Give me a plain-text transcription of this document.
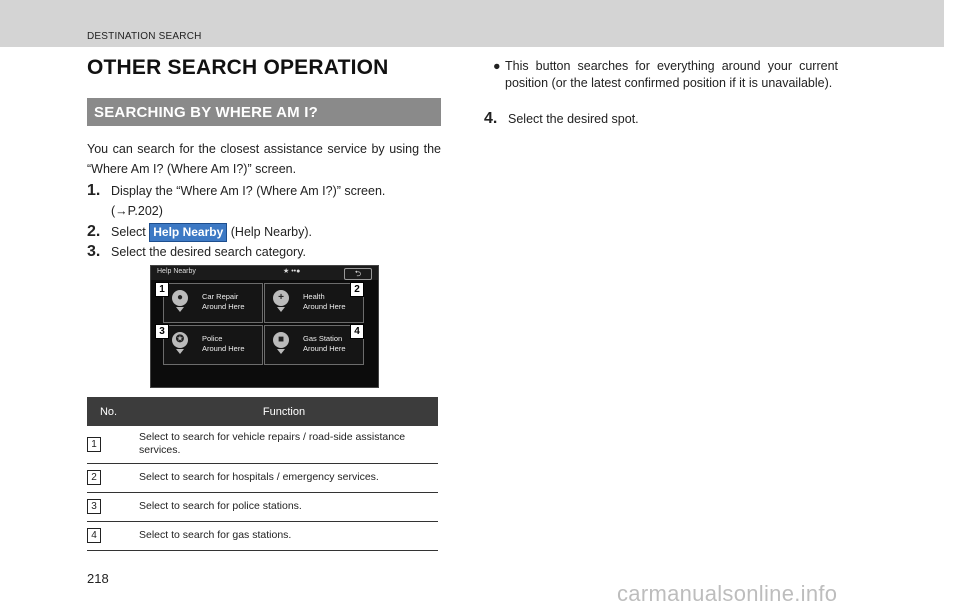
DESTINATION SEARCH
OTHER SEARCH OPERATION
SEARCHING BY WHERE AM I?
You can search for the closest assistance service by using the “Where Am I? (Where Am I?)” screen.
1. Display the “Where Am I? (Where Am I?)” screen.
(→P.202)
2. Select Help Nearby (Help Nearby).
3. Select the desired search category.
Help Nearby	★ ••●	⮌
●	Car Repair
Around Here
+	Health
Around Here
✪	Police
Around Here
■	Gas Station
Around Here
1	2
3	4
No.	Function
1	Select to search for vehicle repairs / road-side assistance services.
2	Select to search for hospitals / emergency services.
3	Select to search for police stations.
4	Select to search for gas stations.
218
● This button searches for everything around your current position (or the latest confirmed position if it is unavailable).
4. Select the desired spot.
carmanualsonline.info
